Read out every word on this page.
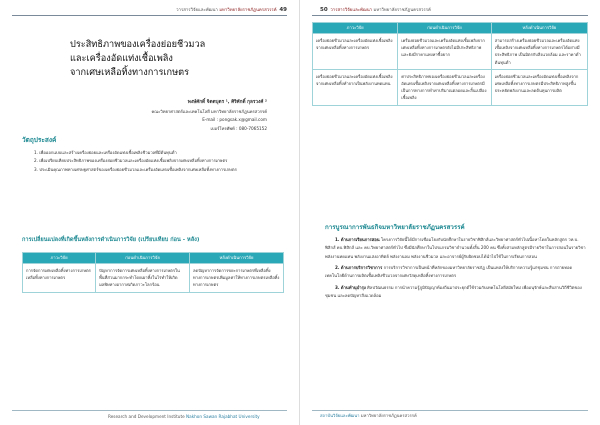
วารสารวิจัยและพัฒนา มหาวิทยาลัยราชภัฏนครสวรรค์ 49
ประสิทธิภาพของเครื่องย่อยชีวมวล
และเครื่องอัดแท่งเชื้อเพลิง
จากเศษเหลือทิ้งทางการเกษตร
พงษ์ศักดิ์ จิตตบุตร ¹, ศิริศักดิ์ กุลรวงศ์ ²
คณะวิทยาศาสตร์และเทคโนโลยี มหาวิทยาลัยราชภัฏนครสวรรค์
E-mail : pongsak.x@gmail.com
เบอร์โทรศัพท์ : 080-7065152
วัตถุประสงค์

1. เพื่อออกแบบและสร้างเครื่องย่อยและเครื่องอัดแท่งเชื้อเพลิงชีวมวลที่มีต้นทุนต่ำ

2. เพื่อเปรียบเทียบประสิทธิภาพของเครื่องย่อยชีวมวลและเครื่องอัดแท่งเชื้อเพลิงจากเศษเหลือทิ้งทางการเกษตร

3. ประเมินคุณภาพทางเศรษฐศาสตร์ของเครื่องย่อยชีวมวลและเครื่องอัดแท่งเชื้อเพลิงจากเศษเหลือทิ้งทางการเกษตร

การเปลี่ยนแปลงที่เกิดขึ้นหลังการดำเนินการวิจัย (เปรียบเทียบ ก่อน - หลัง)
ภาวะวิจัย	ก่อนดำเนินการวิจัย	หลังดำเนินการวิจัย
การจัดการเศษเหลือทิ้งทางการเกษตรเหลือทิ้งทางการเกษตร	ปัญหาการจัดการเศษเหลือทิ้งทางการเกษตรในพื้นที่ส่วนมากกระทำโดยเผาทิ้งในไร่ทำให้เกิดมลพิษทางอากาศเกิดภาวะโลกร้อน	ลดปัญหาการจัดการขยะการเกษตรที่เหลือทิ้งทางการเกษตรเพิ่มมูลค่าให้ทางการเกษตรเหลือทิ้งทางการเกษตร
Research and Development Institute Nakhon Sawan Rajabhat University
50 วารสารวิจัยและพัฒนา มหาวิทยาลัยราชภัฏนครสวรรค์
ภาวะวิจัย	ก่อนดำเนินการวิจัย	หลังดำเนินการวิจัย
เครื่องย่อยชีวมวลและเครื่องอัดแท่งเชื้อเพลิงจากเศษเหลือทิ้งทางการเกษตร	เครื่องย่อยชีวมวลและเครื่องอัดแท่งเชื้อเพลิงจากเศษเหลือทิ้งทางการเกษตรยังไม่มีประสิทธิภาพและยังมีราคาแพงหาซื้อยาก	สามารถสร้างเครื่องย่อยชีวมวลและเครื่องอัดแท่งเชื้อเพลิงจากเศษเหลือทิ้งทางการเกษตรได้อย่างมีประสิทธิภาพ เป็นมิตรกับสิ่งแวดล้อม และราคาต่ำต้นทุนต่ำ
เครื่องย่อยชีวมวลและเครื่องอัดแท่งเชื้อเพลิงจากเศษเหลือทิ้งทำจากเป็นพลังงานทดแทน	ค่าประสิทธิภาพของเครื่องย่อยชีวมวลและเครื่องอัดแท่งเชื้อเพลิงจากเศษเหลือทิ้งทางการเกษตรมีเป็นการทางการทำค่าปริมาณตลอดและสิ้นเปลืองเชื้อเพลิง	เครื่องย่อยชีวมวลและเครื่องอัดแท่งเชื้อเพลิงจากเศษเหลือทิ้งทางการเกษตรมีประสิทธิภาพสูงขึ้นประหยัดพลังงานและลดต้นทุนการผลิต
การบูรณาการพันธกิจมหาวิทยาลัยราชภัฏนครสวรรค์

1. ด้านการเรียนการสอน โครงการวิจัยนี้ได้มีการเชื่อมโยงกับนักศึกษาในรายวิชาฟิสิกส์และวิทยาศาสตร์ทั่วไปเนื้อหาโดยในหลักสูตร วท.บ. ฟิสิกส์ คบ.ฟิสิกส์ และ คบ.วิทยาศาสตร์ทั่วไป ซึ่งมีนักศึกษาในโปรแกรมวิชาจำนวนทั้งสิ้น 200 คน ซึ่งทั้งสามหลักสูตรมีรายวิชาในการสอนในรายวิชาพลังงานทดแทน พลังงานแสงอาทิตย์ พลังงานลม พลังงานชีวมวล และอาจารย์ผู้รับผิดชอบได้นำไปใช้ในการเรียนการสอน

2. ด้านการบริการวิชาการ การบริการวิชาการเป็นหน้าที่หลักของมหาวิทยาลัยราชภัฏ เป็นแหล่งให้บริการความรู้แก่ชุมชน การถ่ายทอดเทคโนโลยีด้านการผลิตเชื้อเพลิงชีวมวลจากเศษวัสดุเหลือทิ้งทางการเกษตร

3. ด้านทำนุบำรุง ศิลปวัฒนธรรม การนำความรู้ภูมิปัญญาท้องถิ่นมาประยุกต์ใช้ร่วมกับเทคโนโลยีสมัยใหม่ เพื่ออนุรักษ์และสืบสานวิถีชีวิตของชุมชน และลดปัญหาสิ่งแวดล้อม

สถาบันวิจัยและพัฒนา มหาวิทยาลัยราชภัฏนครสวรรค์
